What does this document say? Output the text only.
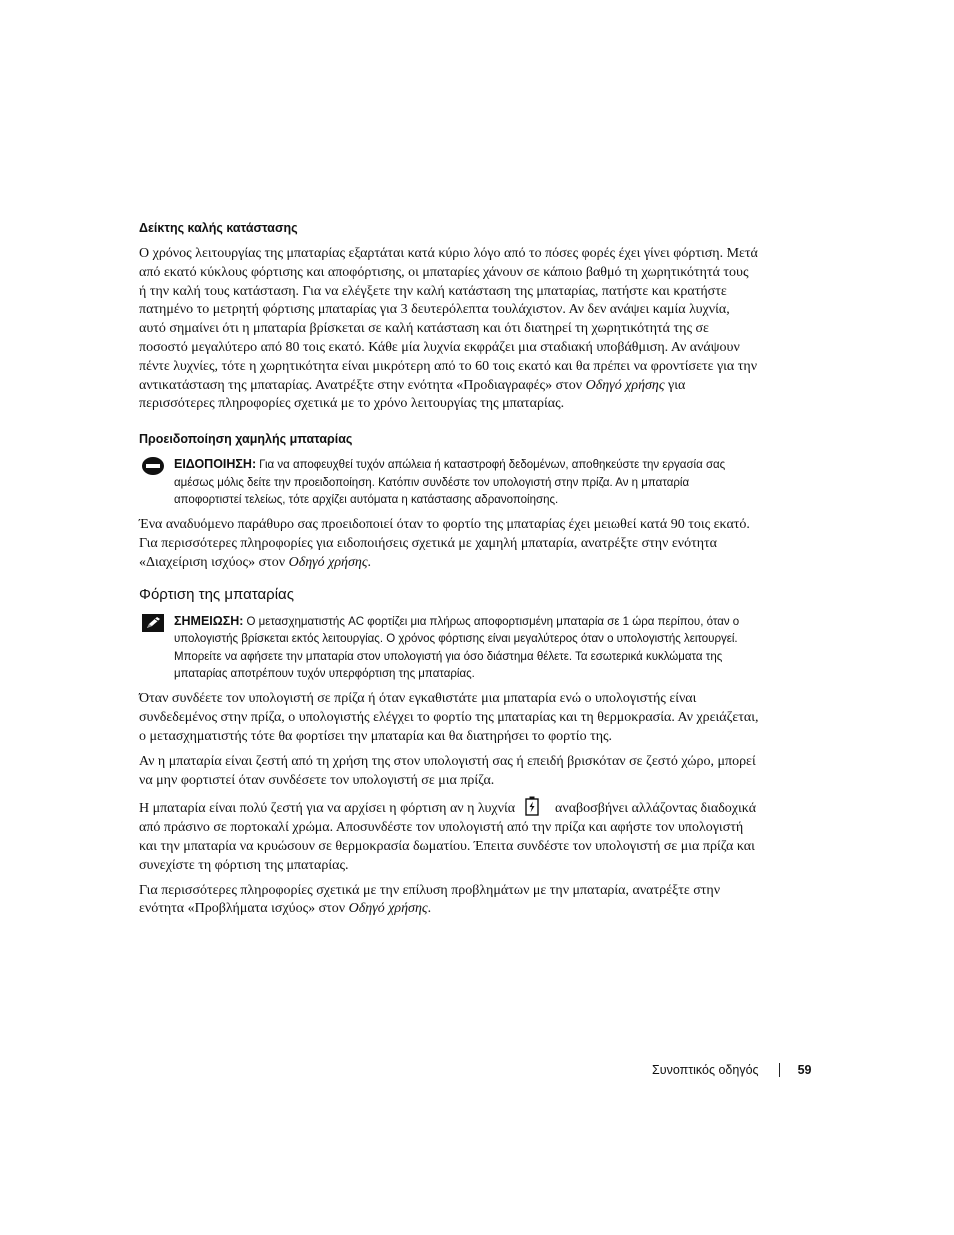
Δείκτης καλής κατάστασης
Ο χρόνος λειτουργίας της μπαταρίας εξαρτάται κατά κύριο λόγο από το πόσες φορές έχει γίνει φόρτιση. Μετά από εκατό κύκλους φόρτισης και αποφόρτισης, οι μπαταρίες χάνουν σε κάποιο βαθμό τη χωρητικότητά τους ή την καλή τους κατάσταση. Για να ελέγξετε την καλή κατάσταση της μπαταρίας, πατήστε και κρατήστε πατημένο το μετρητή φόρτισης μπαταρίας για 3 δευτερόλεπτα τουλάχιστον. Αν δεν ανάψει καμία λυχνία, αυτό σημαίνει ότι η μπαταρία βρίσκεται σε καλή κατάσταση και ότι διατηρεί τη χωρητικότητά της σε ποσοστό μεγαλύτερο από 80 τοις εκατό. Κάθε μία λυχνία εκφράζει μια σταδιακή υποβάθμιση. Αν ανάψουν πέντε λυχνίες, τότε η χωρητικότητα είναι μικρότερη από το 60 τοις εκατό και θα πρέπει να φροντίσετε για την αντικατάσταση της μπαταρίας. Ανατρέξτε στην ενότητα «Προδιαγραφές» στον Οδηγό χρήσης για περισσότερες πληροφορίες σχετικά με το χρόνο λειτουργίας της μπαταρίας.
Προειδοποίηση χαμηλής μπαταρίας
ΕΙΔΟΠΟΙΗΣΗ: Για να αποφευχθεί τυχόν απώλεια ή καταστροφή δεδομένων, αποθηκεύστε την εργασία σας αμέσως μόλις δείτε την προειδοποίηση. Κατόπιν συνδέστε τον υπολογιστή στην πρίζα. Αν η μπαταρία αποφορτιστεί τελείως, τότε αρχίζει αυτόματα η κατάστασης αδρανοποίησης.
Ένα αναδυόμενο παράθυρο σας προειδοποιεί όταν το φορτίο της μπαταρίας έχει μειωθεί κατά 90 τοις εκατό. Για περισσότερες πληροφορίες για ειδοποιήσεις σχετικά με χαμηλή μπαταρία, ανατρέξτε στην ενότητα «Διαχείριση ισχύος» στον Οδηγό χρήσης.
Φόρτιση της μπαταρίας
ΣΗΜΕΙΩΣΗ: Ο μετασχηματιστής AC φορτίζει μια πλήρως αποφορτισμένη μπαταρία σε 1 ώρα περίπου, όταν ο υπολογιστής βρίσκεται εκτός λειτουργίας. Ο χρόνος φόρτισης είναι μεγαλύτερος όταν ο υπολογιστής λειτουργεί. Μπορείτε να αφήσετε την μπαταρία στον υπολογιστή για όσο διάστημα θέλετε. Τα εσωτερικά κυκλώματα της μπαταρίας αποτρέπουν τυχόν υπερφόρτιση της μπαταρίας.
Όταν συνδέετε τον υπολογιστή σε πρίζα ή όταν εγκαθιστάτε μια μπαταρία ενώ ο υπολογιστής είναι συνδεδεμένος στην πρίζα, ο υπολογιστής ελέγχει το φορτίο της μπαταρίας και τη θερμοκρασία. Αν χρειάζεται, ο μετασχηματιστής τότε θα φορτίσει την μπαταρία και θα διατηρήσει το φορτίο της.
Αν η μπαταρία είναι ζεστή από τη χρήση της στον υπολογιστή σας ή επειδή βρισκόταν σε ζεστό χώρο, μπορεί να μην φορτιστεί όταν συνδέσετε τον υπολογιστή σε μια πρίζα.
Η μπαταρία είναι πολύ ζεστή για να αρχίσει η φόρτιση αν η λυχνία	αναβοσβήνει αλλάζοντας διαδοχικά από πράσινο σε πορτοκαλί χρώμα. Αποσυνδέστε τον υπολογιστή από την πρίζα και αφήστε τον υπολογιστή και την μπαταρία να κρυώσουν σε θερμοκρασία δωματίου. Έπειτα συνδέστε τον υπολογιστή σε μια πρίζα και συνεχίστε τη φόρτιση της μπαταρίας.
Για περισσότερες πληροφορίες σχετικά με την επίλυση προβλημάτων με την μπαταρία, ανατρέξτε στην ενότητα «Προβλήματα ισχύος» στον Οδηγό χρήσης.
Συνοπτικός οδηγός	59
